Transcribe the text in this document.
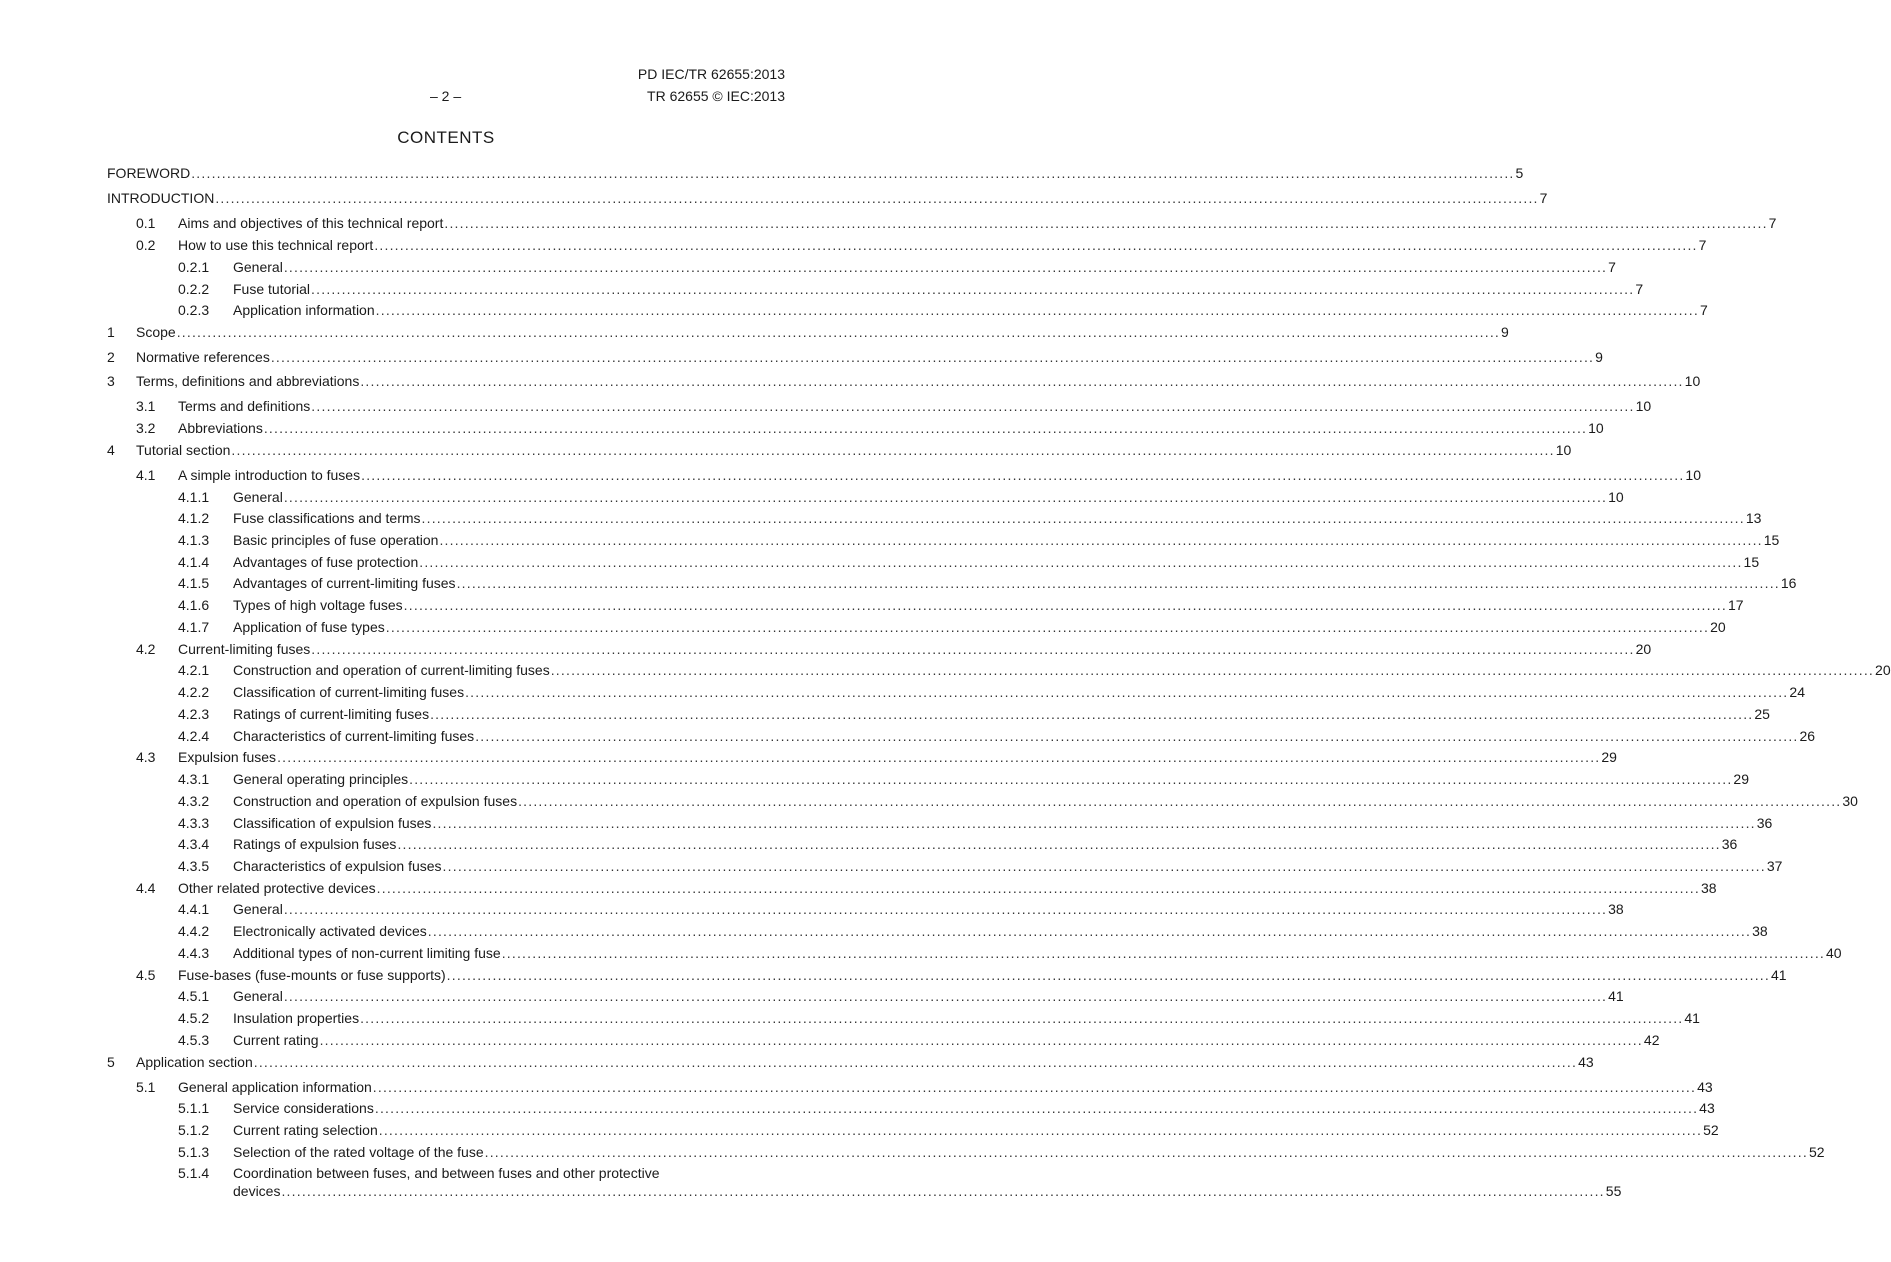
PD IEC/TR 62655:2013
– 2 –	TR 62655 © IEC:2013
CONTENTS
FOREWORD .................................................................................................................................................................................................................................................................... 5
INTRODUCTION .................................................................................................................................................................................................................................................................... 7
0.1	Aims and objectives of this technical report .................................................................................................................................................................................................................................................................... 7
0.2	How to use this technical report .................................................................................................................................................................................................................................................................... 7
0.2.1	General .................................................................................................................................................................................................................................................................... 7
0.2.2	Fuse tutorial .................................................................................................................................................................................................................................................................... 7
0.2.3	Application information .................................................................................................................................................................................................................................................................... 7
1	Scope .................................................................................................................................................................................................................................................................... 9
2	Normative references .................................................................................................................................................................................................................................................................... 9
3	Terms, definitions and abbreviations .................................................................................................................................................................................................................................................................... 10
3.1	Terms and definitions .................................................................................................................................................................................................................................................................... 10
3.2	Abbreviations .................................................................................................................................................................................................................................................................... 10
4	Tutorial section .................................................................................................................................................................................................................................................................... 10
4.1	A simple introduction to fuses .................................................................................................................................................................................................................................................................... 10
4.1.1	General .................................................................................................................................................................................................................................................................... 10
4.1.2	Fuse classifications and terms .................................................................................................................................................................................................................................................................... 13
4.1.3	Basic principles of fuse operation .................................................................................................................................................................................................................................................................... 15
4.1.4	Advantages of fuse protection .................................................................................................................................................................................................................................................................... 15
4.1.5	Advantages of current-limiting fuses .................................................................................................................................................................................................................................................................... 16
4.1.6	Types of high voltage fuses .................................................................................................................................................................................................................................................................... 17
4.1.7	Application of fuse types .................................................................................................................................................................................................................................................................... 20
4.2	Current-limiting fuses .................................................................................................................................................................................................................................................................... 20
4.2.1	Construction and operation of current-limiting fuses .................................................................................................................................................................................................................................................................... 20
4.2.2	Classification of current-limiting fuses .................................................................................................................................................................................................................................................................... 24
4.2.3	Ratings of current-limiting fuses .................................................................................................................................................................................................................................................................... 25
4.2.4	Characteristics of current-limiting fuses .................................................................................................................................................................................................................................................................... 26
4.3	Expulsion fuses .................................................................................................................................................................................................................................................................... 29
4.3.1	General operating principles .................................................................................................................................................................................................................................................................... 29
4.3.2	Construction and operation of expulsion fuses .................................................................................................................................................................................................................................................................... 30
4.3.3	Classification of expulsion fuses .................................................................................................................................................................................................................................................................... 36
4.3.4	Ratings of expulsion fuses .................................................................................................................................................................................................................................................................... 36
4.3.5	Characteristics of expulsion fuses .................................................................................................................................................................................................................................................................... 37
4.4	Other related protective devices .................................................................................................................................................................................................................................................................... 38
4.4.1	General .................................................................................................................................................................................................................................................................... 38
4.4.2	Electronically activated devices .................................................................................................................................................................................................................................................................... 38
4.4.3	Additional types of non-current limiting fuse .................................................................................................................................................................................................................................................................... 40
4.5	Fuse-bases (fuse-mounts or fuse supports) .................................................................................................................................................................................................................................................................... 41
4.5.1	General .................................................................................................................................................................................................................................................................... 41
4.5.2	Insulation properties .................................................................................................................................................................................................................................................................... 41
4.5.3	Current rating .................................................................................................................................................................................................................................................................... 42
5	Application section .................................................................................................................................................................................................................................................................... 43
5.1	General application information .................................................................................................................................................................................................................................................................... 43
5.1.1	Service considerations .................................................................................................................................................................................................................................................................... 43
5.1.2	Current rating selection .................................................................................................................................................................................................................................................................... 52
5.1.3	Selection of the rated voltage of the fuse .................................................................................................................................................................................................................................................................... 52
5.1.4 Coordination between fuses, and between fuses and other protective
devices .................................................................................................................................................................................................................................................................... 55
